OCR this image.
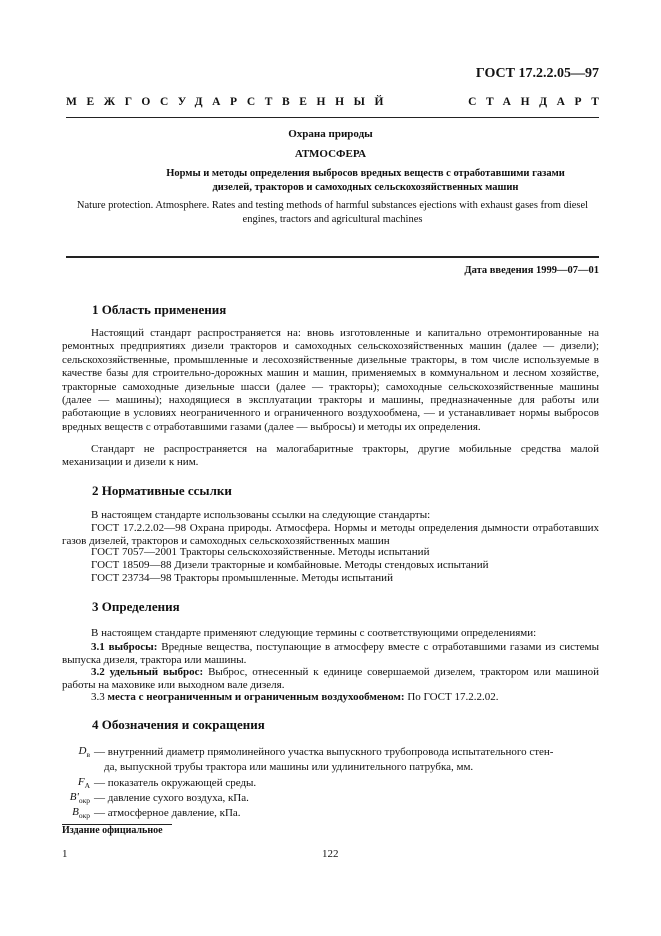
ГОСТ 17.2.2.05—97
МЕЖГОСУДАРСТВЕННЫЙ	СТАНДАРТ
Охрана природы
АТМОСФЕРА
Нормы и методы определения выбросов вредных веществ с отработавшими газами дизелей, тракторов и самоходных сельскохозяйственных машин
Nature protection. Atmosphere. Rates and testing methods of harmful substances ejections with exhaust gases from diesel engines, tractors and agricultural machines
Дата введения 1999—07—01
1 Область применения
Настоящий стандарт распространяется на: вновь изготовленные и капитально отремонтированные на ремонтных предприятиях дизели тракторов и самоходных сельскохозяйственных машин (далее — дизели); сельскохозяйственные, промышленные и лесохозяйственные дизельные тракторы, в том числе используемые в качестве базы для строительно-дорожных машин и машин, применяемых в коммунальном и лесном хозяйстве, тракторные самоходные дизельные шасси (далее — тракторы); самоходные сельскохозяйственные машины (далее — машины); находящиеся в эксплуатации тракторы и машины, предназначенные для работы или работающие в условиях неограниченного и ограниченного воздухообмена, — и устанавливает нормы выбросов вредных веществ с отработавшими газами (далее — выбросы) и методы их определения.
Стандарт не распространяется на малогабаритные тракторы, другие мобильные средства малой механизации и дизели к ним.
2 Нормативные ссылки
В настоящем стандарте использованы ссылки на следующие стандарты:
ГОСТ 17.2.2.02—98 Охрана природы. Атмосфера. Нормы и методы определения дымности отработавших газов дизелей, тракторов и самоходных сельскохозяйственных машин
ГОСТ 7057—2001 Тракторы сельскохозяйственные. Методы испытаний
ГОСТ 18509—88 Дизели тракторные и комбайновые. Методы стендовых испытаний
ГОСТ 23734—98 Тракторы промышленные. Методы испытаний
3 Определения
В настоящем стандарте применяют следующие термины с соответствующими определениями:
3.1 выбросы: Вредные вещества, поступающие в атмосферу вместе с отработавшими газами из системы выпуска дизеля, трактора или машины.
3.2 удельный выброс: Выброс, отнесенный к единице совершаемой дизелем, трактором или машиной работы на маховике или выходном валe дизеля.
3.3 места с неограниченным и ограниченным воздухообменом: По ГОСТ 17.2.2.02.
4 Обозначения и сокращения
$D_в$ — внутренний диаметр прямолинейного участка выпускного трубопровода испытательного стен-
да, выпускной трубы трактора или машины или удлинительного патрубка, мм.
$F_A$ — показатель окружающей среды.
$B'_{окр}$ — давление сухого воздуха, кПа.
$B_{окр}$ — атмосферное давление, кПа.
Издание официальное
1	122
